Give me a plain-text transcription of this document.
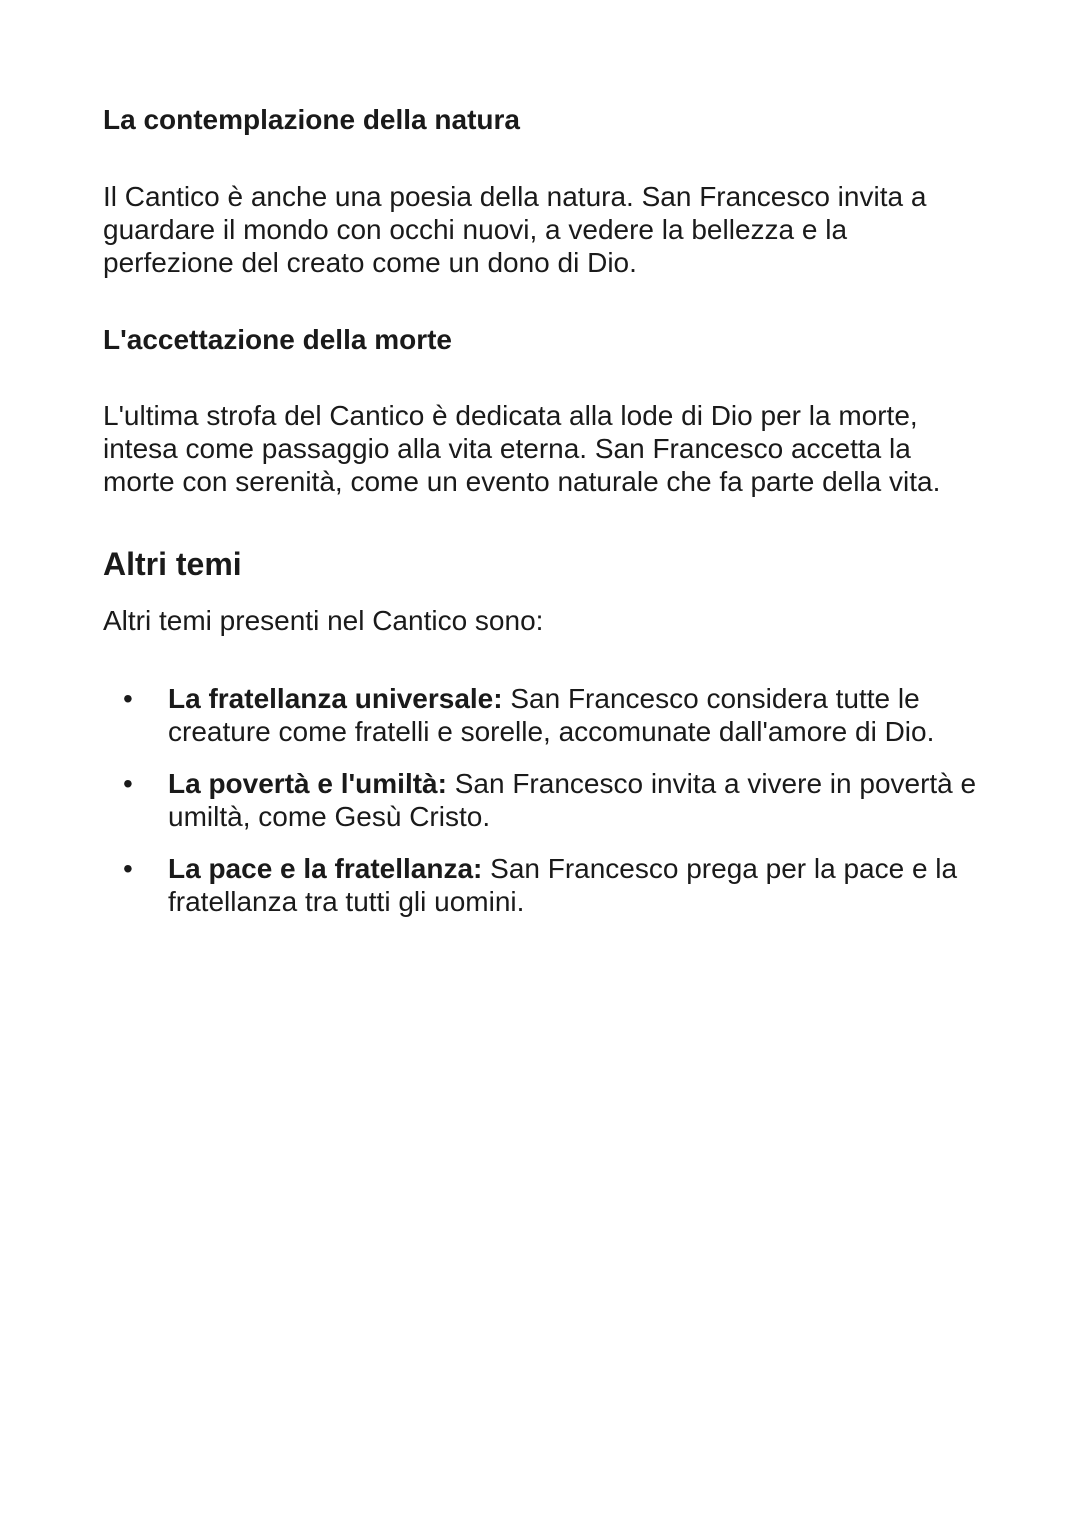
La contemplazione della natura

Il Cantico è anche una poesia della natura. San Francesco invita a
guardare il mondo con occhi nuovi, a vedere la bellezza e la
perfezione del creato come un dono di Dio.

L'accettazione della morte

L'ultima strofa del Cantico è dedicata alla lode di Dio per la morte,
intesa come passaggio alla vita eterna. San Francesco accetta la
morte con serenità, come un evento naturale che fa parte della vita.

Altri temi

Altri temi presenti nel Cantico sono:

• La fratellanza universale: San Francesco considera tutte le creature come fratelli e sorelle, accomunate dall'amore di Dio.
• La povertà e l'umiltà: San Francesco invita a vivere in povertà e umiltà, come Gesù Cristo.
• La pace e la fratellanza: San Francesco prega per la pace e la fratellanza tra tutti gli uomini.
